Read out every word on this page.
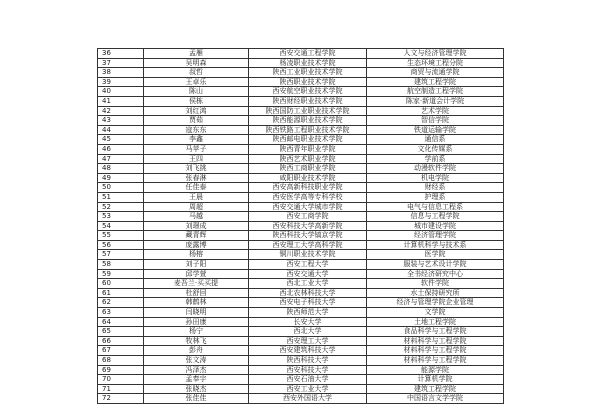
36	孟雁	西安交通工程学院	人文与经济管理学院
37	吴明森	杨凌职业技术学院	生态环境工程分院
38	叔哲	陕西工业职业技术学院	商贸与流通学院
39	王卓乐	陕西职业技术学院	建筑工程学院
40	陈山	西安航空职业技术学院	航空制造工程学院
41	侯栋	陕西财经职业技术学院	陈家·新道会计学院
42	刘红鸿	陕西国防工业职业技术学院	艺术学院
43	贾茹	陕西能源职业技术学院	智信学院
44	寇东东	陕西铁路工程职业技术学院	铁道运输学院
45	李鑫	陕西邮电职业技术学院	通信系
46	马苹子	陕西青年职业学院	文化传媒系
47	王四	陕西艺术职业学院	学前系
48	刘飞挑	陕西工商职业学院	动漫软件学院
49	张春淋	咸阳职业技术学院	机电学院
50	任佳泰	西安高新科技职业学院	财经系
51	王晨	西安医学高等专科学校	护理系
52	周超	西安交通大学城市学院	电气与信息工程系
53	马越	西安工商学院	信息与工程学院
54	刘璟成	西安科技大学高新学院	城市建设学院
55	藏青辉	陕西科技大学镐京学院	经济管理学院
56	庞露博	西安理工大学高科学院	计算机科学与技术系
57	杨榕	铜川职业技术学院	医学院
58	刘子阳	西安工程大学	服装与艺术设计学院
59	邱学萱	西安交通大学	全书经济研究中心
60	麦吾兰·买买提	西北工业大学	软件学院
61	杜舒回	西北农林科技大学	水土保持研究所
62	韩鹤林	西安电子科技大学	经济与管理学院企业管理
63	闫晓明	陕西师范大学	文学院
64	孙田康	长安大学	土地工程学院
65	杨宁	西北大学	食品科学与工程学院
66	牧林飞	西安理工大学	材料科学与工程学院
67	彭舟	西安建筑科技大学	材料科学与工程学院
68	张文涛	陕西科技大学	材料科学与工程学院
69	冯泽杰	西安科技大学	能源学院
70	孟奉宇	西安石油大学	计算机学院
71	张晓杰	西安工业大学	建筑工程学院
72	张佳佳	西安外国语大学	中国语言文学学院
